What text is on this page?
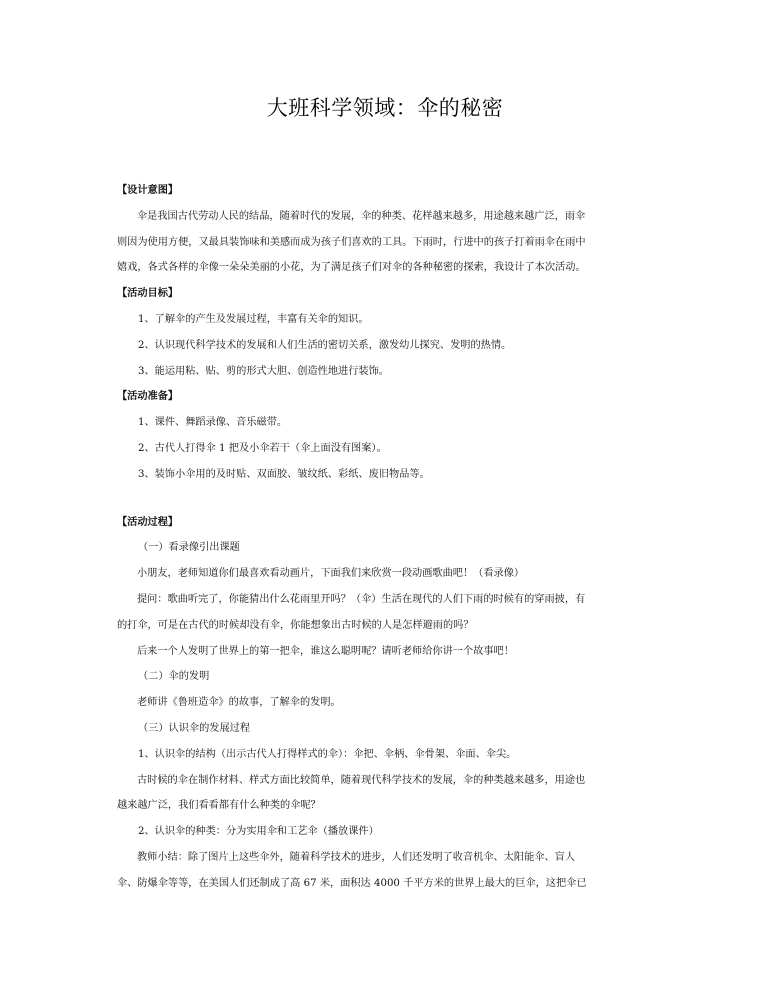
大班科学领域：伞的秘密
【设计意图】
伞是我国古代劳动人民的结晶，随着时代的发展，伞的种类、花样越来越多，用途越来越广泛，雨伞
则因为使用方便，又最具装饰味和美感而成为孩子们喜欢的工具。下雨时，行进中的孩子打着雨伞在雨中
嬉戏，各式各样的伞像一朵朵美丽的小花，为了满足孩子们对伞的各种秘密的探索，我设计了本次活动。
【活动目标】
1、了解伞的产生及发展过程，丰富有关伞的知识。
2、认识现代科学技术的发展和人们生活的密切关系，激发幼儿探究、发明的热情。
3、能运用粘、贴、剪的形式大胆、创造性地进行装饰。
【活动准备】
1、课件、舞蹈录像、音乐磁带。
2、古代人打得伞 1 把及小伞若干（伞上面没有图案）。
3、装饰小伞用的及时贴、双面胶、皱纹纸、彩纸、废旧物品等。
【活动过程】
（一）看录像引出课题
小朋友，老师知道你们最喜欢看动画片，下面我们来欣赏一段动画歌曲吧！（看录像）
提问：歌曲听完了，你能猜出什么花雨里开吗？（伞）生活在现代的人们下雨的时候有的穿雨披，有
的打伞，可是在古代的时候却没有伞，你能想象出古时候的人是怎样避雨的吗？
后来一个人发明了世界上的第一把伞，谁这么聪明呢？请听老师给你讲一个故事吧！
（二）伞的发明
老师讲《鲁班造伞》的故事，了解伞的发明。
（三）认识伞的发展过程
1、认识伞的结构（出示古代人打得样式的伞）：伞把、伞柄、伞骨架、伞面、伞尖。
古时候的伞在制作材料、样式方面比较简单，随着现代科学技术的发展，伞的种类越来越多，用途也
越来越广泛，我们看看都有什么种类的伞呢？
2、认识伞的种类：分为实用伞和工艺伞（播放课件）
教师小结：除了图片上这些伞外，随着科学技术的进步，人们还发明了收音机伞、太阳能伞、盲人
伞、防爆伞等等，在美国人们还制成了高 67 米，面积达 4000 千平方米的世界上最大的巨伞，这把伞已
